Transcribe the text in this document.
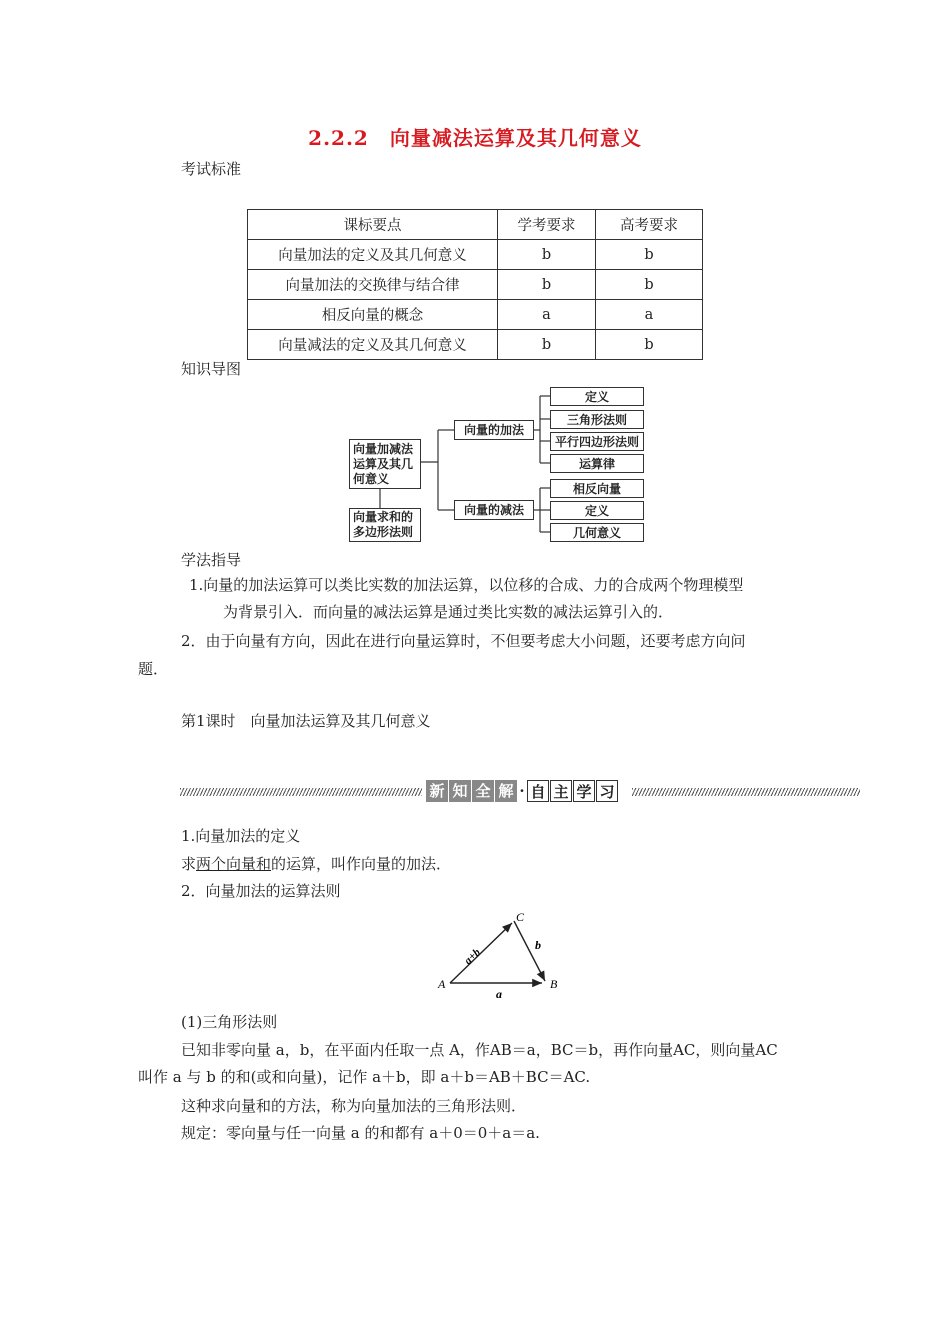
2.2.2　向量减法运算及其几何意义
考试标准
课标要点	学考要求	高考要求
向量加法的定义及其几何意义	b	b
向量加法的交换律与结合律	b	b
相反向量的概念	a	a
向量减法的定义及其几何意义	b	b
知识导图
向量加减法运算及其几何意义
向量求和的多边形法则
向量的加法
向量的减法
定义
三角形法则
平行四边形法则
运算律
相反向量
定义
几何意义
学法指导
1.向量的加法运算可以类比实数的加法运算，以位移的合成、力的合成两个物理模型
为背景引入．而向量的减法运算是通过类比实数的减法运算引入的．
2．由于向量有方向，因此在进行向量运算时，不但要考虑大小问题，还要考虑方向问
题．
第1课时　向量加法运算及其几何意义
新 知 全 解 · 自 主 学 习
1.向量加法的定义
求两个向量和的运算，叫作向量的加法．
2．向量加法的运算法则
A	B
C
a
b
a+b
(1)三角形法则
已知非零向量 a，b，在平面内任取一点 A，作AB＝a，BC＝b，再作向量AC，则向量AC
叫作 a 与 b 的和(或和向量)，记作 a＋b，即 a＋b＝AB＋BC＝AC.
这种求向量和的方法，称为向量加法的三角形法则．
规定：零向量与任一向量 a 的和都有 a＋0＝0＋a＝a.
